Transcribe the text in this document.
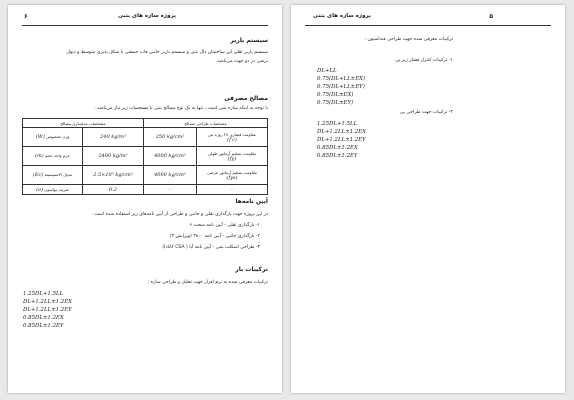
پروژه سازه های بتنی
۶
سیستم باربر
سیستم باربر ثقلی این ساختمان دال بتنی و سیستم باربر جانبی قاب خمشی با شکل پذیری متوسط و دیوار
برشی در دو جهت می‌باشد.
مصالح مصرفی
با توجه به اینکه سازه بتنی است ، تنها به یک نوع مصالح بتنی با مشخصات زیر نیاز می‌باشد .
مشخصات طراحی مصالح		مشخصات مدلسازی مصالح	

مقاومت فشاری ۲۸ روزه بتن
(f′c)	250 kg/cm²	240 kg/m³	وزن مخصوص (W)

مقاومت تسلیم آرماتور طولی
(fy)	4000 kg/cm²	2400 kg/m³	جرم واحد حجم (m)

مقاومت تسلیم آرماتور عرضی
(fys)	4000 kg/cm²	2.5×10⁵ kg/cm²	مدول الاستیسیته (Ec)
-	-	0.2	ضریب پواسون (ν)
آیین نامه‌ها
در این پروژه جهت بارگذاری ثقلی و جانبی و طراحی از آیین نامه‌های زیر استفاده شده است .
۱- بارگذاری ثقلی - آیین نامه مبحث ۶
۲- بارگذاری جانبی - آیین نامه ۲۸۰۰ (ویرایش ۳)
۳- طراحی اسکلت بتنی - آیین نامه آبا ( CSA کانادا)
ترکیبات بار
ترکیبات معرفی شده به نرم افزار جهت تحلیل و طراحی سازه :
1.25DL+1.5LL
DL+1.2LL±1.2EX
DL+1.2LL±1.2EY
0.85DL±1.2EX
0.85DL±1.2EY
پروژه سازه های بتنی	۵
ترکیبات معرفی شده جهت طراحی فنداسیون :
۱- ترکیبات کنترل فشار زیر پی
DL+LL
0.75(DL+LL±EX)
0.75(DL+LL±EY)
0.75(DL±EX)
0.75(DL±EY)
۲- ترکیبات جهت طراحی پی
1.25DL+1.5LL
DL+1.2LL±1.2EX
DL+1.2LL±1.2EY
0.85DL±1.2EX
0.85DL±1.2EY
